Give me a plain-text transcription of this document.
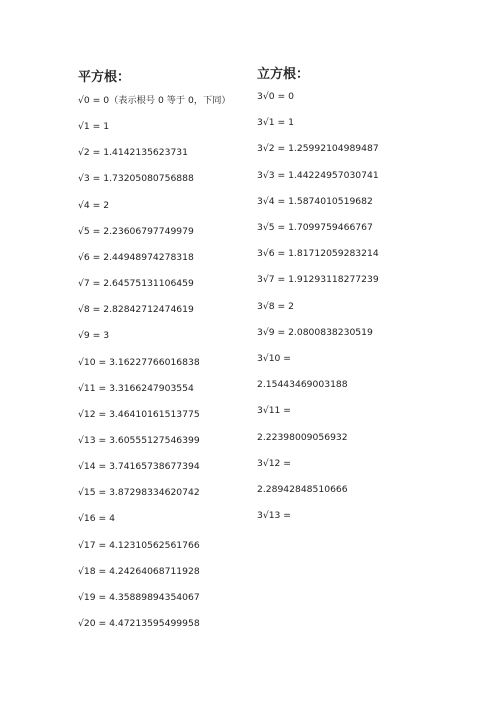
平方根：
√0 = 0（表示根号 0 等于 0，下同）
√1 = 1
√2 = 1.4142135623731
√3 = 1.73205080756888
√4 = 2
√5 = 2.23606797749979
√6 = 2.44948974278318
√7 = 2.64575131106459
√8 = 2.82842712474619
√9 = 3
√10 = 3.16227766016838
√11 = 3.3166247903554
√12 = 3.46410161513775
√13 = 3.60555127546399
√14 = 3.74165738677394
√15 = 3.87298334620742
√16 = 4
√17 = 4.12310562561766
√18 = 4.24264068711928
√19 = 4.35889894354067
√20 = 4.47213595499958
立方根：
3√0 = 0
3√1 = 1
3√2 = 1.25992104989487
3√3 = 1.44224957030741
3√4 = 1.5874010519682
3√5 = 1.7099759466767
3√6 = 1.81712059283214
3√7 = 1.91293118277239
3√8 = 2
3√9 = 2.0800838230519
3√10 =
2.15443469003188
3√11 =
2.22398009056932
3√12 =
2.28942848510666
3√13 =
